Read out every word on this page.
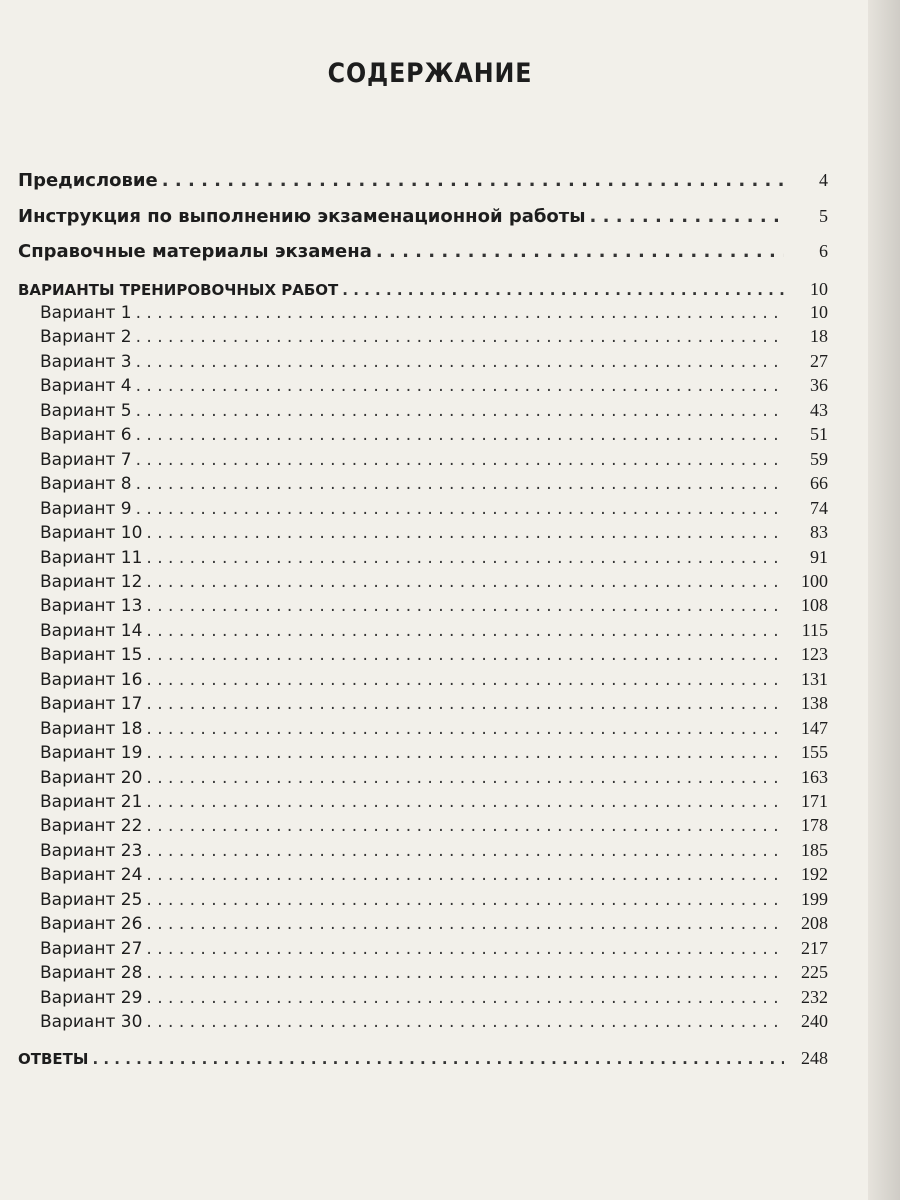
СОДЕРЖАНИЕ
Предисловие . . .	4
Инструкция по выполнению экзаменационной работы . . .	5
Справочные материалы экзамена . . .	6
ВАРИАНТЫ ТРЕНИРОВОЧНЫХ РАБОТ . . .	10
Вариант 1 . . .	10
Вариант 2 . . .	18
Вариант 3 . . .	27
Вариант 4 . . .	36
Вариант 5 . . .	43
Вариант 6 . . .	51
Вариант 7 . . .	59
Вариант 8 . . .	66
Вариант 9 . . .	74
Вариант 10 . . .	83
Вариант 11 . . .	91
Вариант 12 . . .	100
Вариант 13 . . .	108
Вариант 14 . . .	115
Вариант 15 . . .	123
Вариант 16 . . .	131
Вариант 17 . . .	138
Вариант 18 . . .	147
Вариант 19 . . .	155
Вариант 20 . . .	163
Вариант 21 . . .	171
Вариант 22 . . .	178
Вариант 23 . . .	185
Вариант 24 . . .	192
Вариант 25 . . .	199
Вариант 26 . . .	208
Вариант 27 . . .	217
Вариант 28 . . .	225
Вариант 29 . . .	232
Вариант 30 . . .	240
ОТВЕТЫ . . .	248
